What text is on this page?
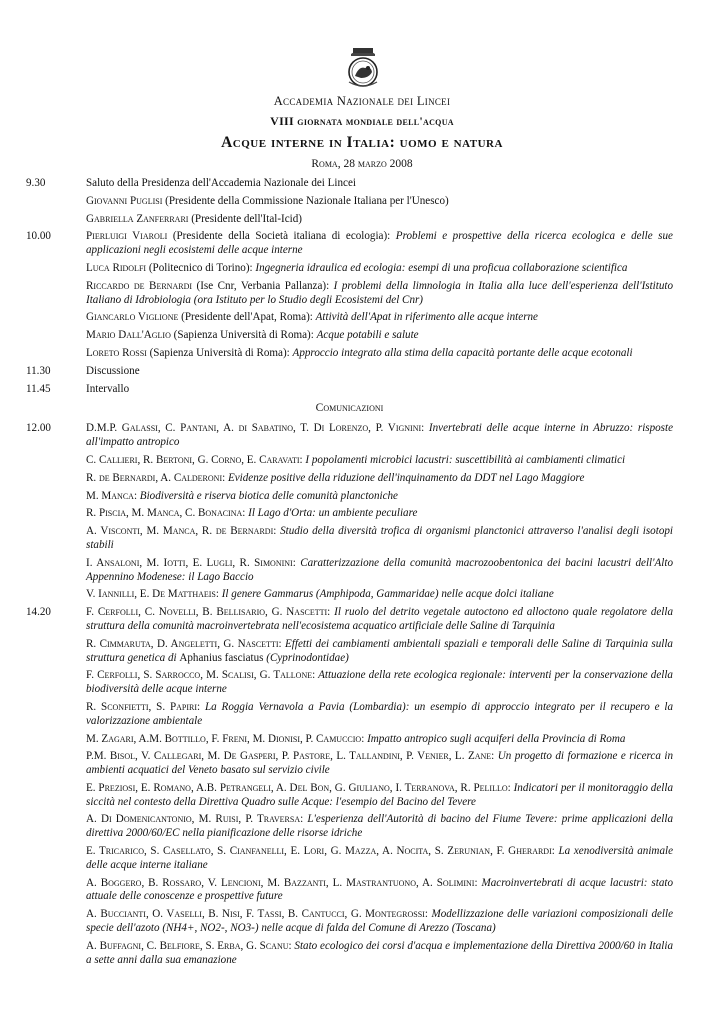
Accademia Nazionale dei Lincei
VIII giornata mondiale dell'acqua
Acque interne in Italia: uomo e natura
Roma, 28 marzo 2008
9.30	Saluto della Presidenza dell'Accademia Nazionale dei Lincei
Giovanni Puglisi (Presidente della Commissione Nazionale Italiana per l'Unesco)
Gabriella Zanferrari (Presidente dell'Ital-Icid)
10.00	Pierluigi Viaroli (Presidente della Società italiana di ecologia): Problemi e prospettive della ricerca ecologica e delle sue applicazioni negli ecosistemi delle acque interne
Luca Ridolfi (Politecnico di Torino): Ingegneria idraulica ed ecologia: esempi di una proficua collaborazione scientifica
Riccardo de Bernardi (Ise Cnr, Verbania Pallanza): I problemi della limnologia in Italia alla luce dell'esperienza dell'Istituto Italiano di Idrobiologia (ora Istituto per lo Studio degli Ecosistemi del Cnr)
Giancarlo Viglione (Presidente dell'Apat, Roma): Attività dell'Apat in riferimento alle acque interne
Mario Dall'Aglio (Sapienza Università di Roma): Acque potabili e salute
Loreto Rossi (Sapienza Università di Roma): Approccio integrato alla stima della capacità portante delle acque ecotonali
11.30	Discussione
11.45	Intervallo
Comunicazioni
12.00	D.M.P. Galassi, C. Pantani, A. di Sabatino, T. Di Lorenzo, P. Vignini: Invertebrati delle acque interne in Abruzzo: risposte all'impatto antropico
C. Callieri, R. Bertoni, G. Corno, E. Caravati: I popolamenti microbici lacustri: suscettibilità ai cambiamenti climatici
R. de Bernardi, A. Calderoni: Evidenze positive della riduzione dell'inquinamento da DDT nel Lago Maggiore
M. Manca: Biodiversità e riserva biotica delle comunità planctoniche
R. Piscia, M. Manca, C. Bonacina: Il Lago d'Orta: un ambiente peculiare
A. Visconti, M. Manca, R. de Bernardi: Studio della diversità trofica di organismi planctonici attraverso l'analisi degli isotopi stabili
I. Ansaloni, M. Iotti, E. Lugli, R. Simonini: Caratterizzazione della comunità macrozoobentonica dei bacini lacustri dell'Alto Appennino Modenese: il Lago Baccio
V. Iannilli, E. De Matthaeis: Il genere Gammarus (Amphipoda, Gammaridae) nelle acque dolci italiane
14.20	F. Cerfolli, C. Novelli, B. Bellisario, G. Nascetti: Il ruolo del detrito vegetale autoctono ed alloctono quale regolatore della struttura della comunità macroinvertebrata nell'ecosistema acquatico artificiale delle Saline di Tarquinia
R. Cimmaruta, D. Angeletti, G. Nascetti: Effetti dei cambiamenti ambientali spaziali e temporali delle Saline di Tarquinia sulla struttura genetica di Aphanius fasciatus (Cyprinodontidae)
F. Cerfolli, S. Sarrocco, M. Scalisi, G. Tallone: Attuazione della rete ecologica regionale: interventi per la conservazione della biodiversità delle acque interne
R. Sconfietti, S. Papiri: La Roggia Vernavola a Pavia (Lombardia): un esempio di approccio integrato per il recupero e la valorizzazione ambientale
M. Zagari, A.M. Bottillo, F. Freni, M. Dionisi, P. Camuccio: Impatto antropico sugli acquiferi della Provincia di Roma
P.M. Bisol, V. Callegari, M. De Gasperi, P. Pastore, L. Tallandini, P. Venier, L. Zane: Un progetto di formazione e ricerca in ambienti acquatici del Veneto basato sul servizio civile
E. Preziosi, E. Romano, A.B. Petrangeli, A. Del Bon, G. Giuliano, I. Terranova, R. Pelillo: Indicatori per il monitoraggio della siccità nel contesto della Direttiva Quadro sulle Acque: l'esempio del Bacino del Tevere
A. Di Domenicantonio, M. Ruisi, P. Traversa: L'esperienza dell'Autorità di bacino del Fiume Tevere: prime applicazioni della direttiva 2000/60/EC nella pianificazione delle risorse idriche
E. Tricarico, S. Casellato, S. Cianfanelli, E. Lori, G. Mazza, A. Nocita, S. Zerunian, F. Gherardi: La xenodiversità animale delle acque interne italiane
A. Boggero, B. Rossaro, V. Lencioni, M. Bazzanti, L. Mastrantuono, A. Solimini: Macroinvertebrati di acque lacustri: stato attuale delle conoscenze e prospettive future
A. Buccianti, O. Vaselli, B. Nisi, F. Tassi, B. Cantucci, G. Montegrossi: Modellizzazione delle variazioni composizionali delle specie dell'azoto (NH4+, NO2-, NO3-) nelle acque di falda del Comune di Arezzo (Toscana)
A. Buffagni, C. Belfiore, S. Erba, G. Scanu: Stato ecologico dei corsi d'acqua e implementazione della Direttiva 2000/60 in Italia a sette anni dalla sua emanazione
